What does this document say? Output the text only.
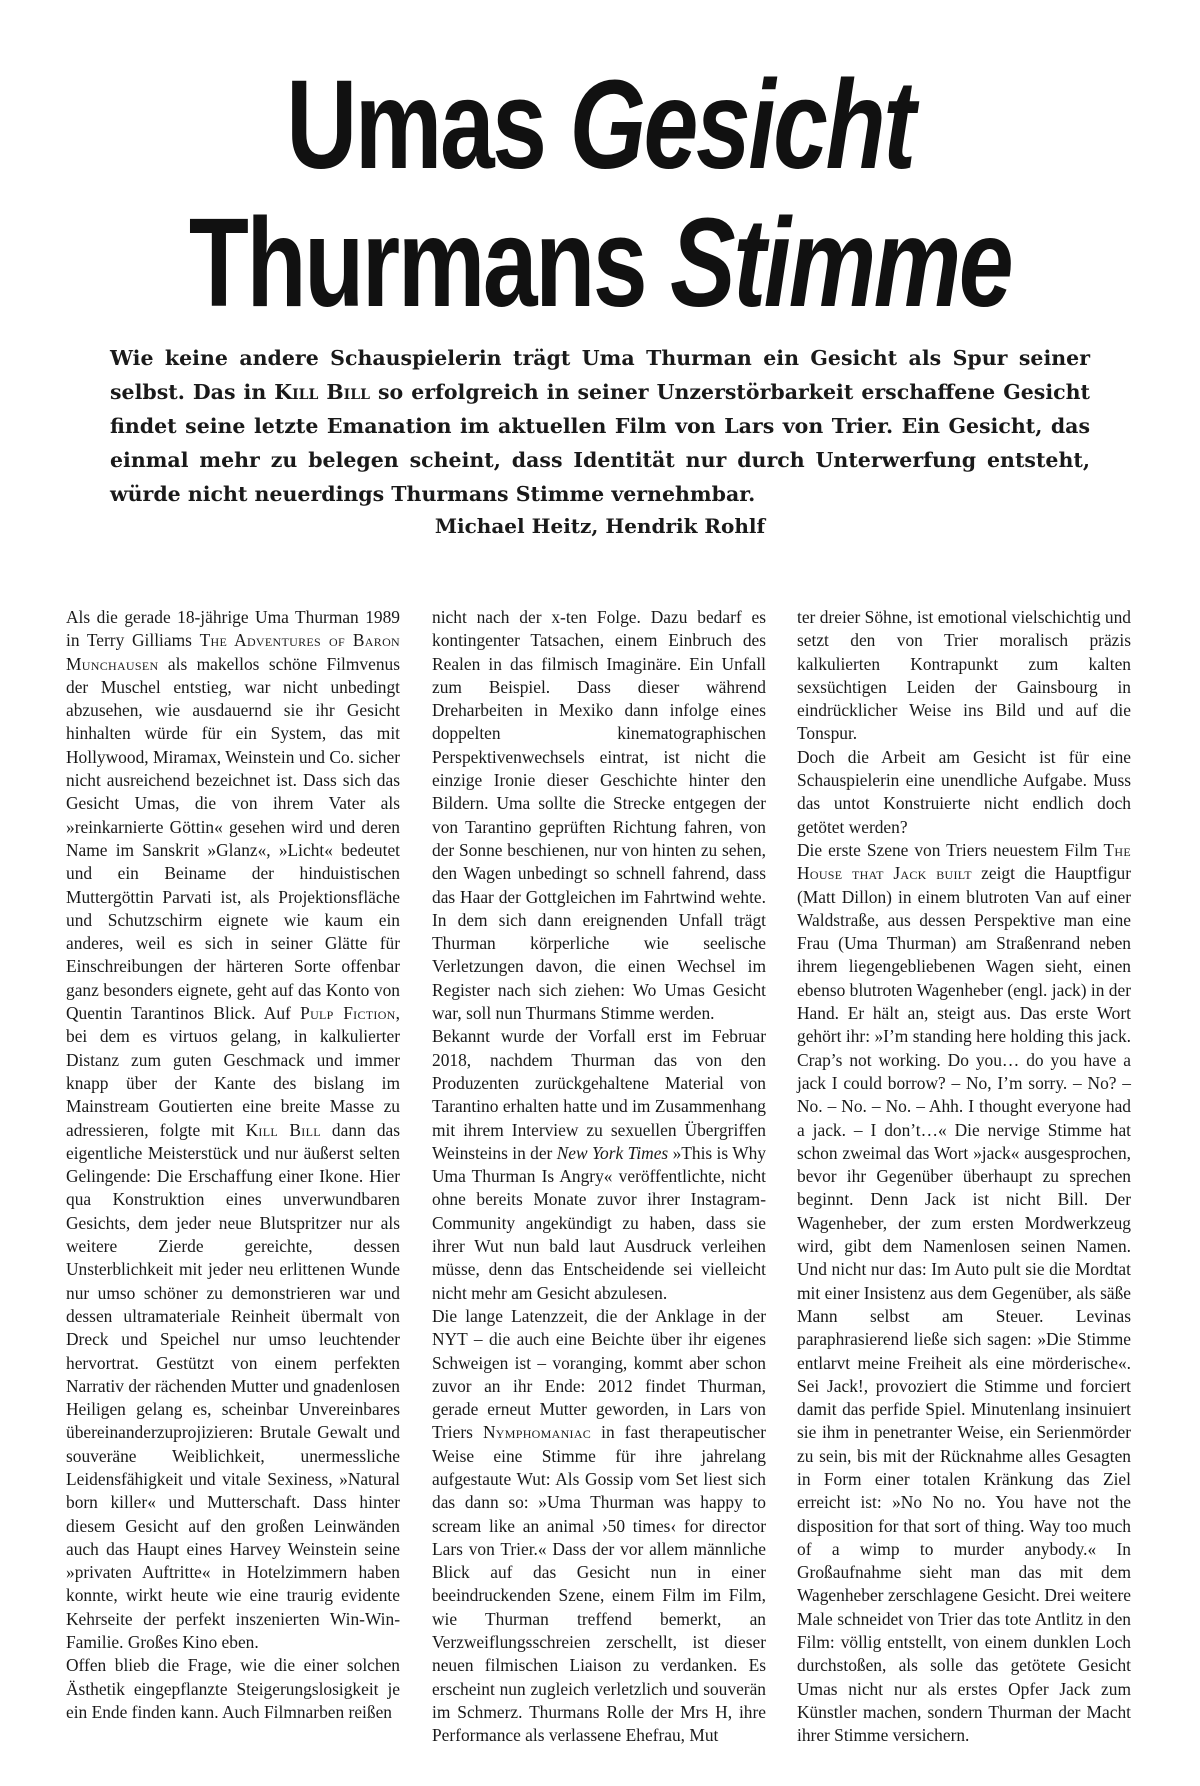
Umas Gesicht
Thurmans Stimme
Wie keine andere Schauspielerin trägt Uma Thurman ein Gesicht als Spur seiner selbst. Das in Kill Bill so erfolgreich in seiner Unzerstörbarkeit erschaffene Gesicht findet seine letzte Emanation im aktuellen Film von Lars von Trier. Ein Gesicht, das einmal mehr zu belegen scheint, dass Identität nur durch Unterwerfung entsteht, würde nicht neuerdings Thurmans Stimme vernehmbar.
Michael Heitz, Hendrik Rohlf

Als die gerade 18-jährige Uma Thurman 1989 in Terry Gilliams The Adventures of Baron Munchausen als makellos schöne Filmvenus der Muschel entstieg, war nicht unbedingt abzusehen, wie ausdauernd sie ihr Gesicht hinhalten würde für ein System, das mit Hollywood, Miramax, Weinstein und Co. sicher nicht ausreichend bezeichnet ist. Dass sich das Gesicht Umas, die von ihrem Vater als »reinkarnierte Göttin« gesehen wird und deren Name im Sanskrit »Glanz«, »Licht« bedeutet und ein Beiname der hinduistischen Muttergöttin Parvati ist, als Projektionsfläche und Schutzschirm eignete wie kaum ein anderes, weil es sich in seiner Glätte für Einschreibungen der härteren Sorte offenbar ganz besonders eignete, geht auf das Konto von Quentin Tarantinos Blick. Auf Pulp Fiction, bei dem es virtuos gelang, in kalkulierter Distanz zum guten Geschmack und immer knapp über der Kante des bislang im Mainstream Goutierten eine breite Masse zu adressieren, folgte mit Kill Bill dann das eigentliche Meisterstück und nur äußerst selten Gelingende: Die Erschaffung einer Ikone. Hier qua Konstruktion eines unverwundbaren Gesichts, dem jeder neue Blutspritzer nur als weitere Zierde gereichte, dessen Unsterblichkeit mit jeder neu erlittenen Wunde nur umso schöner zu demonstrieren war und dessen ultramateriale Reinheit übermalt von Dreck und Speichel nur umso leuchtender hervortrat. Gestützt von einem perfekten Narrativ der rächenden Mutter und gnadenlosen Heiligen gelang es, scheinbar Unvereinbares übereinanderzuprojizieren: Brutale Gewalt und souveräne Weiblichkeit, unermessliche Leidensfähigkeit und vitale Sexiness, »Natural born killer« und Mutterschaft. Dass hinter diesem Gesicht auf den großen Leinwänden auch das Haupt eines Harvey Weinstein seine »privaten Auftritte« in Hotelzimmern haben konnte, wirkt heute wie eine traurig evidente Kehrseite der perfekt inszenierten Win-Win-Familie. Großes Kino eben.

Offen blieb die Frage, wie die einer solchen Ästhetik eingepflanzte Steigerungslosigkeit je ein Ende finden kann. Auch Filmnarben reißen

nicht nach der x-ten Folge. Dazu bedarf es kontingenter Tatsachen, einem Einbruch des Realen in das filmisch Imaginäre. Ein Unfall zum Beispiel. Dass dieser während Dreharbeiten in Mexiko dann infolge eines doppelten kinematographischen Perspektivenwechsels eintrat, ist nicht die einzige Ironie dieser Geschichte hinter den Bildern. Uma sollte die Strecke entgegen der von Tarantino geprüften Richtung fahren, von der Sonne beschienen, nur von hinten zu sehen, den Wagen unbedingt so schnell fahrend, dass das Haar der Gottgleichen im Fahrtwind wehte. In dem sich dann ereignenden Unfall trägt Thurman körperliche wie seelische Verletzungen davon, die einen Wechsel im Register nach sich ziehen: Wo Umas Gesicht war, soll nun Thurmans Stimme werden.

Bekannt wurde der Vorfall erst im Februar 2018, nachdem Thurman das von den Produzenten zurückgehaltene Material von Tarantino erhalten hatte und im Zusammenhang mit ihrem Interview zu sexuellen Übergriffen Weinsteins in der New York Times »This is Why Uma Thurman Is Angry« veröffentlichte, nicht ohne bereits Monate zuvor ihrer Instagram-Community angekündigt zu haben, dass sie ihrer Wut nun bald laut Ausdruck verleihen müsse, denn das Entscheidende sei vielleicht nicht mehr am Gesicht abzulesen.

Die lange Latenzzeit, die der Anklage in der NYT – die auch eine Beichte über ihr eigenes Schweigen ist – voranging, kommt aber schon zuvor an ihr Ende: 2012 findet Thurman, gerade erneut Mutter geworden, in Lars von Triers Nymphomaniac in fast therapeutischer Weise eine Stimme für ihre jahrelang aufgestaute Wut: Als Gossip vom Set liest sich das dann so: »Uma Thurman was happy to scream like an animal ›50 times‹ for director Lars von Trier.« Dass der vor allem männliche Blick auf das Gesicht nun in einer beeindruckenden Szene, einem Film im Film, wie Thurman treffend bemerkt, an Verzweiflungsschreien zerschellt, ist dieser neuen filmischen Liaison zu verdanken. Es erscheint nun zugleich verletzlich und souverän im Schmerz. Thurmans Rolle der Mrs H, ihre Performance als verlassene Ehefrau, Mut

ter dreier Söhne, ist emotional vielschichtig und setzt den von Trier moralisch präzis kalkulierten Kontrapunkt zum kalten sexsüchtigen Leiden der Gainsbourg in eindrücklicher Weise ins Bild und auf die Tonspur.

Doch die Arbeit am Gesicht ist für eine Schauspielerin eine unendliche Aufgabe. Muss das untot Konstruierte nicht endlich doch getötet werden?

Die erste Szene von Triers neuestem Film The House that Jack built zeigt die Hauptfigur (Matt Dillon) in einem blutroten Van auf einer Waldstraße, aus dessen Perspektive man eine Frau (Uma Thurman) am Straßenrand neben ihrem liegengebliebenen Wagen sieht, einen ebenso blutroten Wagenheber (engl. jack) in der Hand. Er hält an, steigt aus. Das erste Wort gehört ihr: »I’m standing here holding this jack. Crap’s not working. Do you… do you have a jack I could borrow? – No, I’m sorry. – No? – No. – No. – No. – Ahh. I thought everyone had a jack. – I don’t…« Die nervige Stimme hat schon zweimal das Wort »jack« ausgesprochen, bevor ihr Gegenüber überhaupt zu sprechen beginnt. Denn Jack ist nicht Bill. Der Wagenheber, der zum ersten Mordwerkzeug wird, gibt dem Namenlosen seinen Namen. Und nicht nur das: Im Auto pult sie die Mordtat mit einer Insistenz aus dem Gegenüber, als säße Mann selbst am Steuer. Levinas paraphrasierend ließe sich sagen: »Die Stimme entlarvt meine Freiheit als eine mörderische«. Sei Jack!, provoziert die Stimme und forciert damit das perfide Spiel. Minutenlang insinuiert sie ihm in penetranter Weise, ein Serienmörder zu sein, bis mit der Rücknahme alles Gesagten in Form einer totalen Kränkung das Ziel erreicht ist: »No No no. You have not the disposition for that sort of thing. Way too much of a wimp to murder anybody.« In Großaufnahme sieht man das mit dem Wagenheber zerschlagene Gesicht. Drei weitere Male schneidet von Trier das tote Antlitz in den Film: völlig entstellt, von einem dunklen Loch durchstoßen, als solle das getötete Gesicht Umas nicht nur als erstes Opfer Jack zum Künstler machen, sondern Thurman der Macht ihrer Stimme versichern.
